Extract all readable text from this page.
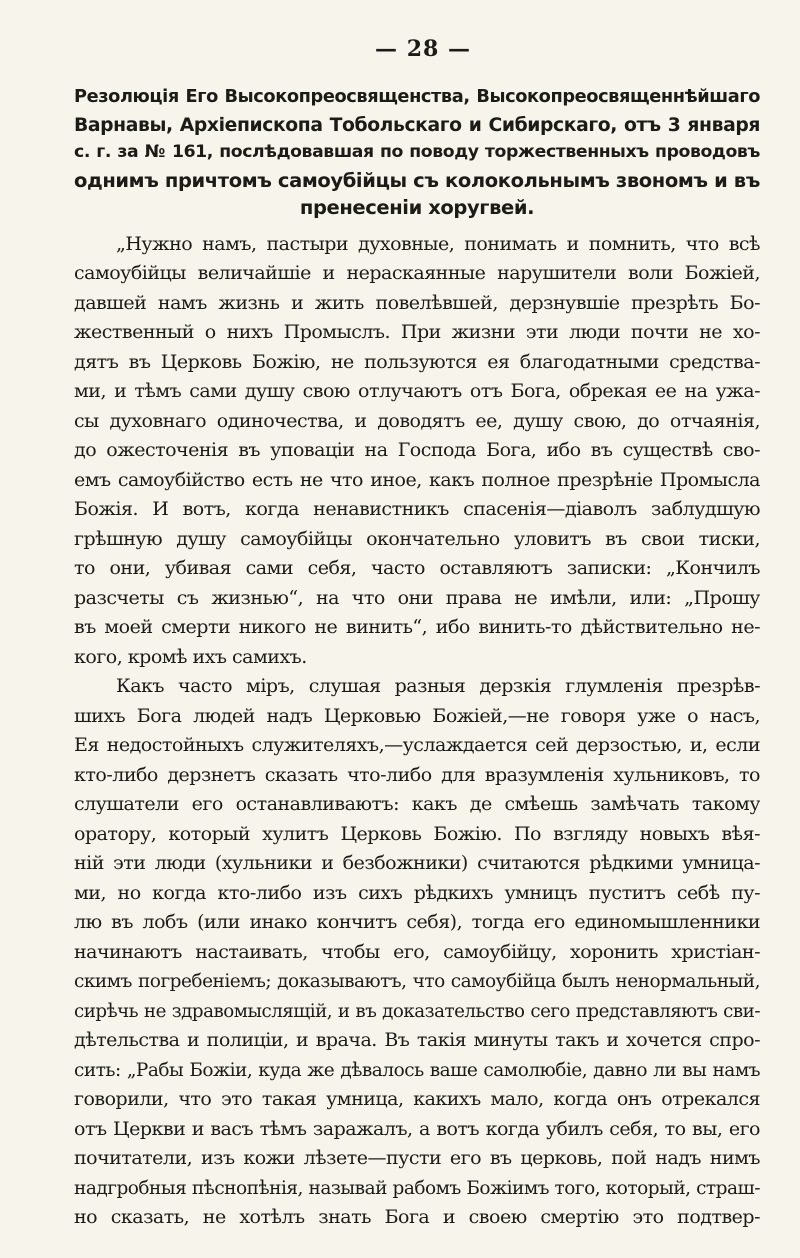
— 28 —
Резолюція Его Высокопреосвященства, Высокопреосвященнѣйшаго
Варнавы, Архіепископа Тобольскаго и Сибирскаго, отъ 3 января
с. г. за № 161, послѣдовавшая по поводу торжественныхъ проводовъ
однимъ причтомъ самоубійцы съ колокольнымъ звономъ и въ
пренесеніи хоругвей.
„Нужно намъ, пастыри духовные, понимать и помнить, что всѣ
самоубійцы величайшіе и нераскаянные нарушители воли Божіей,
давшей намъ жизнь и жить повелѣвшей, дерзнувшіе презрѣть Бо-
жественный о нихъ Промыслъ. При жизни эти люди почти не хо-
дятъ въ Церковь Божію, не пользуются ея благодатными средства-
ми, и тѣмъ сами душу свою отлучаютъ отъ Бога, обрекая ее на ужа-
сы духовнаго одиночества, и доводятъ ее, душу свою, до отчаянія,
до ожесточенія въ уповаціи на Господа Бога, ибо въ существѣ сво-
емъ самоубійство есть не что иное, какъ полное презрѣніе Промысла
Божія. И вотъ, когда ненавистникъ спасенія—діаволъ заблудшую
грѣшную душу самоубійцы окончательно уловитъ въ свои тиски,
то они, убивая сами себя, часто оставляютъ записки: „Кончилъ
разсчеты съ жизнью“, на что они права не имѣли, или: „Прошу
въ моей смерти никого не винить“, ибо винить-то дѣйствительно не-
кого, кромѣ ихъ самихъ.
Какъ часто міръ, слушая разныя дерзкія глумленія презрѣв-
шихъ Бога людей надъ Церковью Божіей,—не говоря уже о насъ,
Ея недостойныхъ служителяхъ,—услаждается сей дерзостью, и, если
кто-либо дерзнетъ сказать что-либо для вразумленія хульниковъ, то
слушатели его останавливаютъ: какъ де смѣешь замѣчать такому
оратору, который хулитъ Церковь Божію. По взгляду новыхъ вѣя-
ній эти люди (хульники и безбожники) считаются рѣдкими умница-
ми, но когда кто-либо изъ сихъ рѣдкихъ умницъ пуститъ себѣ пу-
лю въ лобъ (или инако кончитъ себя), тогда его единомышленники
начинаютъ настаивать, чтобы его, самоубійцу, хоронить христіан-
скимъ погребеніемъ; доказываютъ, что самоубійца былъ ненормальный,
сирѣчь не здравомыслящій, и въ доказательство сего представляютъ сви-
дѣтельства и полиціи, и врача. Въ такія минуты такъ и хочется спро-
сить: „Рабы Божіи, куда же дѣвалось ваше самолюбіе, давно ли вы намъ
говорили, что это такая умница, какихъ мало, когда онъ отрекался
отъ Церкви и васъ тѣмъ заражалъ, а вотъ когда убилъ себя, то вы, его
почитатели, изъ кожи лѣзете—пусти его въ церковь, пой надъ нимъ
надгробныя пѣснопѣнія, называй рабомъ Божіимъ того, который, страш-
но сказать, не хотѣлъ знать Бога и своею смертію это подтвер-
